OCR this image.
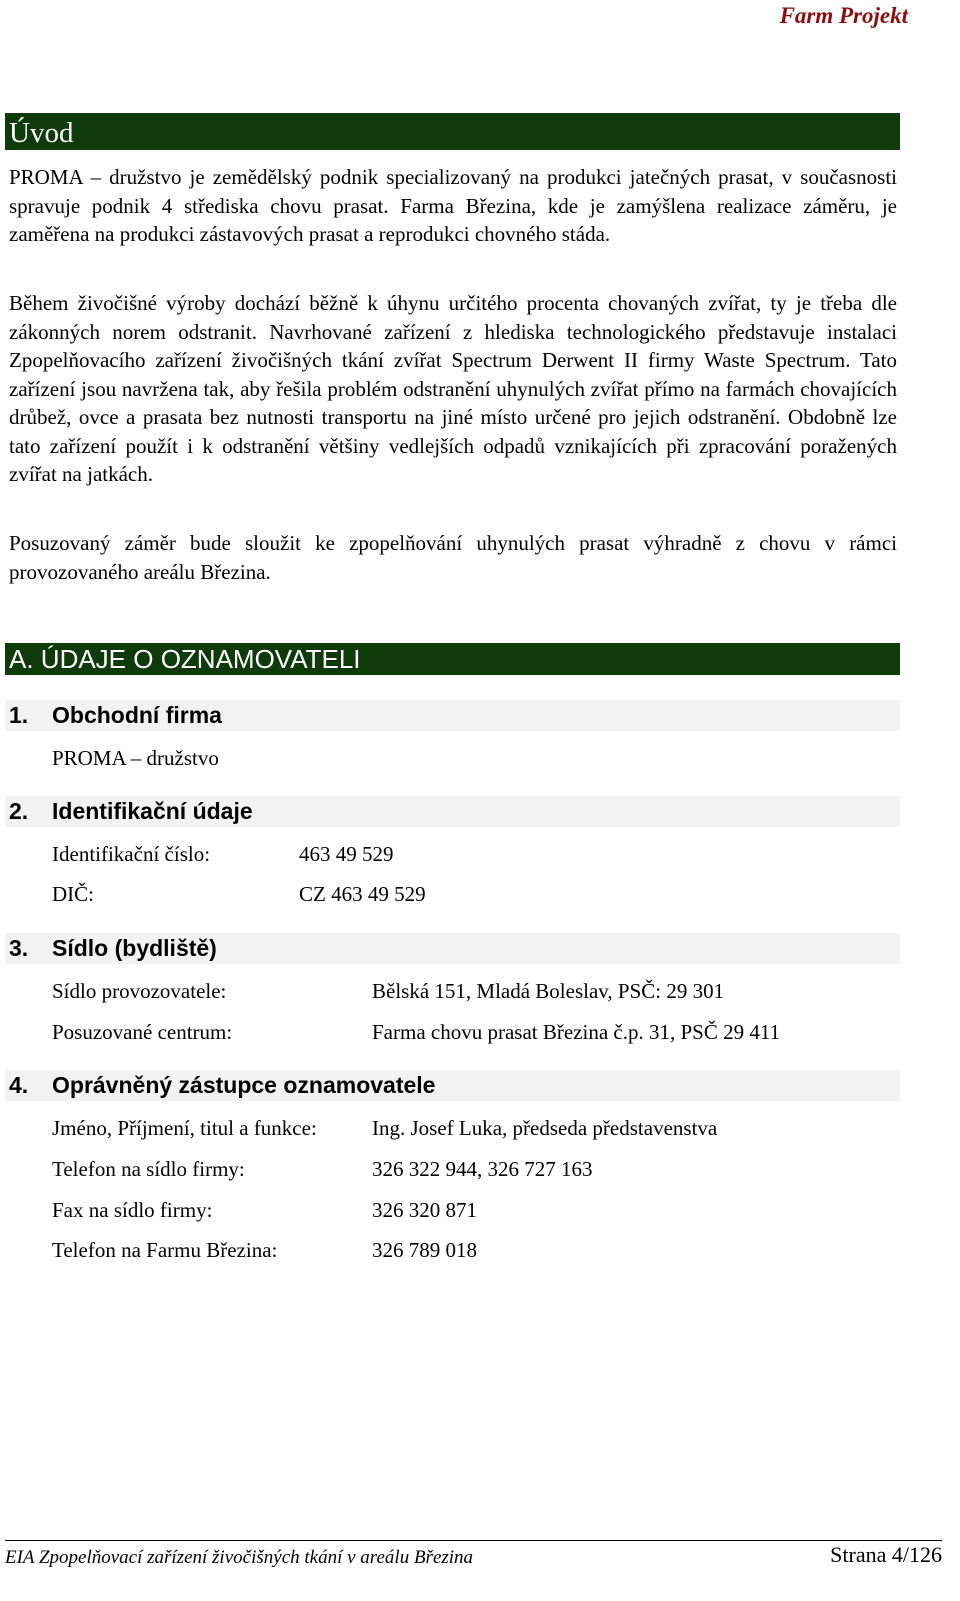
Farm Projekt

Úvod

PROMA – družstvo je zemědělský podnik specializovaný na produkci jatečných prasat, v současnosti spravuje podnik 4 střediska chovu prasat. Farma Březina, kde je zamýšlena realizace záměru, je zaměřena na produkci zástavových prasat a reprodukci chovného stáda.

Během živočišné výroby dochází běžně k úhynu určitého procenta chovaných zvířat, ty je třeba dle zákonných norem odstranit. Navrhované zařízení z hlediska technologického představuje instalaci Zpopelňovacího zařízení živočišných tkání zvířat Spectrum Derwent II firmy Waste Spectrum. Tato zařízení jsou navržena tak, aby řešila problém odstranění uhynulých zvířat přímo na farmách chovajících drůbež, ovce a prasata bez nutnosti transportu na jiné místo určené pro jejich odstranění. Obdobně lze tato zařízení použít i k odstranění většiny vedlejších odpadů vznikajících při zpracování poražených zvířat na jatkách.

Posuzovaný záměr bude sloužit ke zpopelňování uhynulých prasat výhradně z chovu v rámci provozovaného areálu Březina.

A. ÚDAJE O OZNAMOVATELI
1. Obchodní firma

PROMA – družstvo

2. Identifikační údaje

Identifikační číslo:	463 49 529

DIČ:	CZ 463 49 529

3. Sídlo (bydliště)

Sídlo provozovatele:	Bělská 151, Mladá Boleslav, PSČ: 29 301

Posuzované centrum:	Farma chovu prasat Březina č.p. 31, PSČ 29 411

4. Oprávněný zástupce oznamovatele

Jméno, Příjmení, titul a funkce:	Ing. Josef Luka, předseda představenstva

Telefon na sídlo firmy:	326 322 944, 326 727 163

Fax na sídlo firmy:	326 320 871

Telefon na Farmu Březina:	326 789 018

EIA Zpopelňovací zařízení živočišných tkání v areálu Březina	Strana 4/126
